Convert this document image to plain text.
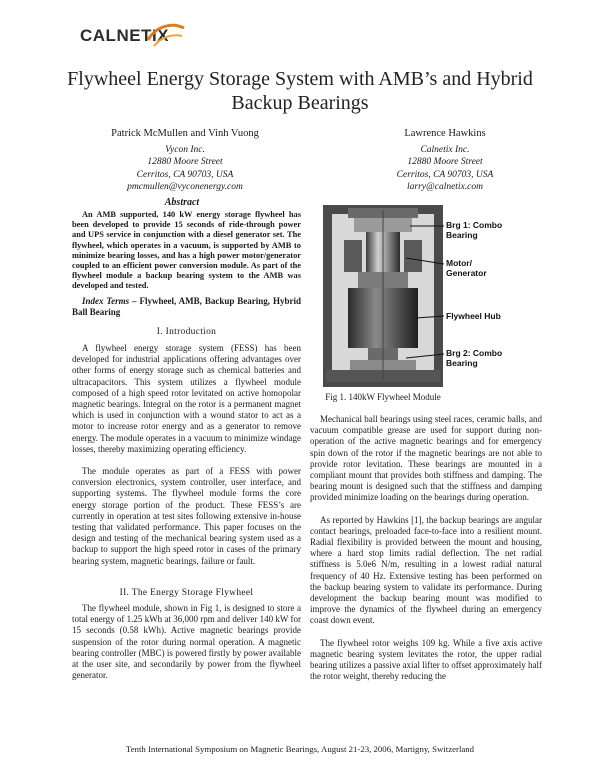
CALNETIX
Flywheel Energy Storage System with AMB’s and Hybrid Backup Bearings
Patrick McMullen and Vinh Vuong
Vycon Inc.
12880 Moore Street
Cerritos, CA 90703, USA
pmcmullen@vyconenergy.com
Lawrence Hawkins
Calnetix Inc.
12880 Moore Street
Cerritos, CA 90703, USA
larry@calnetix.com
Abstract
An AMB supported, 140 kW energy storage flywheel has been developed to provide 15 seconds of ride-through power and UPS service in conjunction with a diesel generator set. The flywheel, which operates in a vacuum, is supported by AMB to minimize bearing losses, and has a high power motor/generator coupled to an efficient power conversion module. As part of the flywheel module a backup bearing system to the AMB was developed and tested.
Index Terms – Flywheel, AMB, Backup Bearing, Hybrid Ball Bearing
I. Introduction

A flywheel energy storage system (FESS) has been developed for industrial applications offering advantages over other forms of energy storage such as chemical batteries and ultracapacitors. This system utilizes a flywheel module composed of a high speed rotor levitated on active homopolar magnetic bearings. Integral on the rotor is a permanent magnet which is used in conjunction with a wound stator to act as a motor to increase rotor energy and as a generator to remove energy. The module operates in a vacuum to minimize windage losses, thereby maximizing operating efficiency.

The module operates as part of a FESS with power conversion electronics, system controller, user interface, and supporting systems. The flywheel module forms the core energy storage portion of the product. These FESS’s are currently in operation at test sites following extensive in-house testing that validated performance. This paper focuses on the design and testing of the mechanical bearing system used as a backup to support the high speed rotor in cases of the primary bearing system, magnetic bearings, failure or fault.

II. The Energy Storage Flywheel

The flywheel module, shown in Fig 1, is designed to store a total energy of 1.25 kWh at 36,000 rpm and deliver 140 kW for 15 seconds (0.58 kWh). Active magnetic bearings provide suspension of the rotor during normal operation. A magnetic bearing controller (MBC) is powered firstly by power available at the user site, and secondarily by power from the flywheel generator.

Brg 1: Combo Bearing
Motor/ Generator
Flywheel Hub
Brg 2: Combo Bearing
Fig 1. 140kW Flywheel Module

Mechanical ball bearings using steel races, ceramic balls, and vacuum compatible grease are used for support during non-operation of the active magnetic bearings and for emergency spin down of the rotor if the magnetic bearings are not able to provide rotor levitation. These bearings are mounted in a compliant mount that provides both stiffness and damping. The bearing mount is designed such that the stiffness and damping provided minimize loading on the bearings during operation.

As reported by Hawkins [1], the backup bearings are angular contact bearings, preloaded face-to-face into a resilient mount. Radial flexibility is provided between the mount and housing, where a hard stop limits radial deflection. The net radial stiffness is 5.0e6 N/m, resulting in a lowest radial natural frequency of 40 Hz. Extensive testing has been performed on the backup bearing system to validate its performance. During development the backup bearing mount was modified to improve the dynamics of the flywheel during an emergency coast down event.

The flywheel rotor weighs 109 kg. While a five axis active magnetic bearing system levitates the rotor, the upper radial bearing utilizes a passive axial lifter to offset approximately half the rotor weight, thereby reducing the

Tenth International Symposium on Magnetic Bearings, August 21-23, 2006, Martigny, Switzerland
